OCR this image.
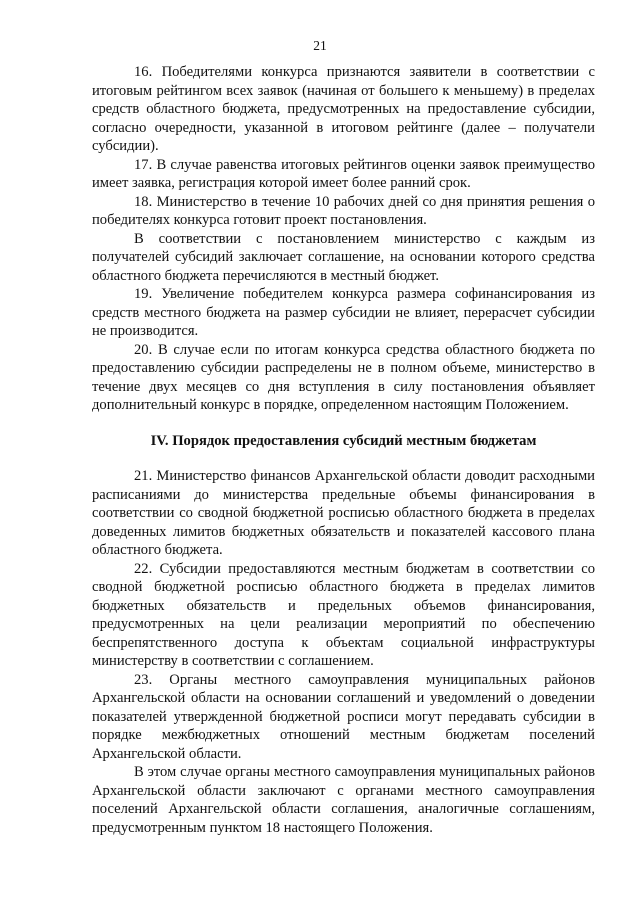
21

16. Победителями конкурса признаются заявители в соответствии с итоговым рейтингом всех заявок (начиная от большего к меньшему) в пределах средств областного бюджета, предусмотренных на предоставление субсидии, согласно очередности, указанной в итоговом рейтинге (далее – получатели субсидии).

17. В случае равенства итоговых рейтингов оценки заявок преимущество имеет заявка, регистрация которой имеет более ранний срок.

18. Министерство в течение 10 рабочих дней со дня принятия решения о победителях конкурса готовит проект постановления.

В соответствии с постановлением министерство с каждым из получателей субсидий заключает соглашение, на основании которого средства областного бюджета перечисляются в местный бюджет.

19. Увеличение победителем конкурса размера софинансирования из средств местного бюджета на размер субсидии не влияет, перерасчет субсидии не производится.

20. В случае если по итогам конкурса средства областного бюджета по предоставлению субсидии распределены не в полном объеме, министерство в течение двух месяцев со дня вступления в силу постановления объявляет дополнительный конкурс в порядке, определенном настоящим Положением.

IV. Порядок предоставления субсидий местным бюджетам

21. Министерство финансов Архангельской области доводит расходными расписаниями до министерства предельные объемы финансирования в соответствии со сводной бюджетной росписью областного бюджета в пределах доведенных лимитов бюджетных обязательств и показателей кассового плана областного бюджета.

22. Субсидии предоставляются местным бюджетам в соответствии со сводной бюджетной росписью областного бюджета в пределах лимитов бюджетных обязательств и предельных объемов финансирования, предусмотренных на цели реализации мероприятий по обеспечению беспрепятственного доступа к объектам социальной инфраструктуры министерству в соответствии с соглашением.

23. Органы местного самоуправления муниципальных районов Архангельской области на основании соглашений и уведомлений о доведении показателей утвержденной бюджетной росписи могут передавать субсидии в порядке межбюджетных отношений местным бюджетам поселений Архангельской области.

В этом случае органы местного самоуправления муниципальных районов Архангельской области заключают с органами местного самоуправления поселений Архангельской области соглашения, аналогичные соглашениям, предусмотренным пунктом 18 настоящего Положения.
